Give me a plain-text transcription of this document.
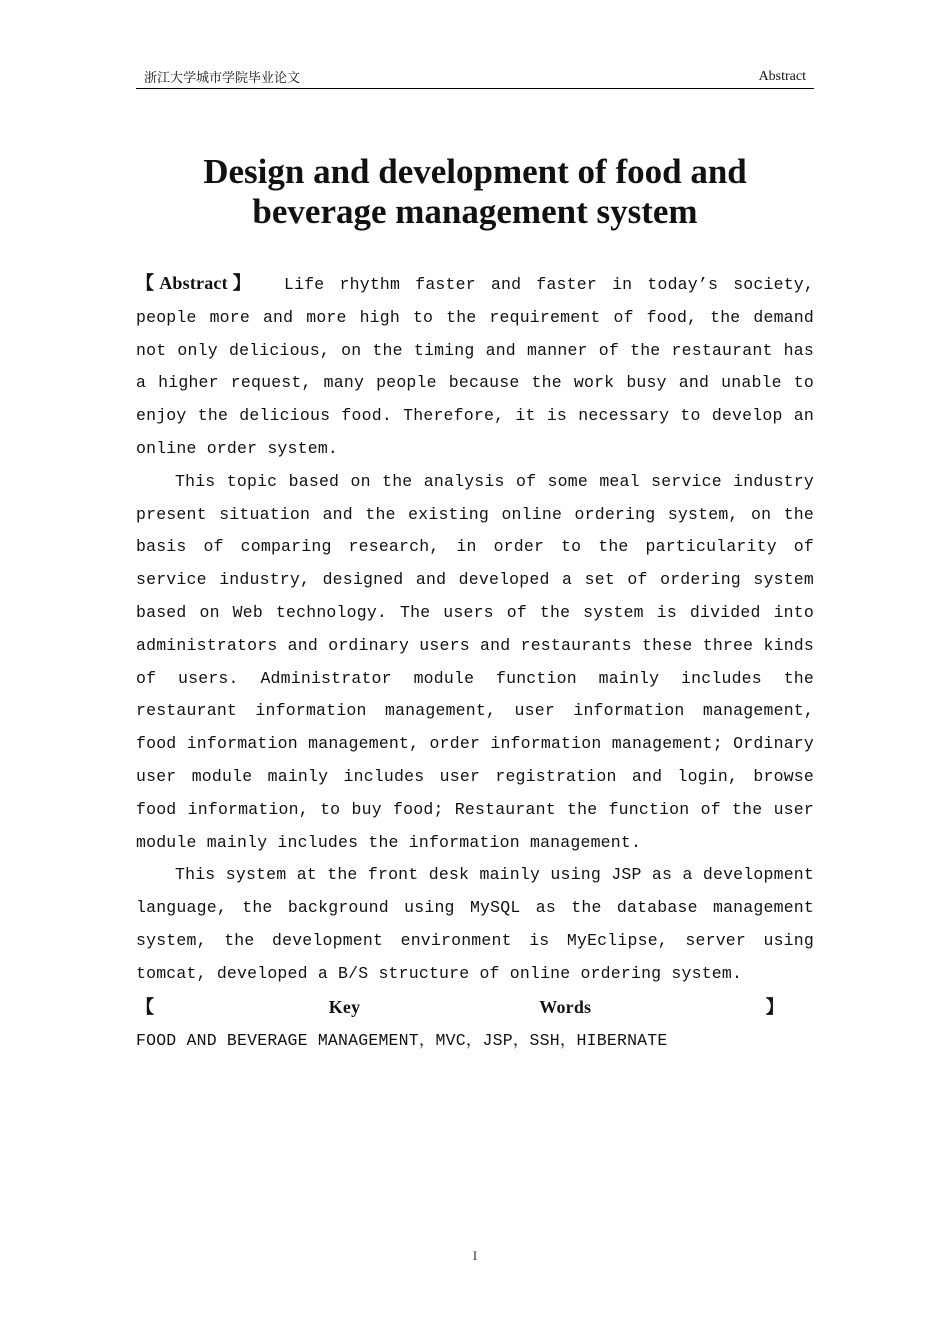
浙江大学城市学院毕业论文	Abstract
Design and development of food and
beverage management system

【Abstract】 Life rhythm faster and faster in today’s society, people more and more high to the requirement of food, the demand not only delicious, on the timing and manner of the restaurant has a higher request, many people because the work busy and unable to enjoy the delicious food. Therefore, it is necessary to develop an online order system.

This topic based on the analysis of some meal service industry present situation and the existing online ordering system, on the basis of comparing research, in order to the particularity of service industry, designed and developed a set of ordering system based on Web technology. The users of the system is divided into administrators and ordinary users and restaurants these three kinds of users. Administrator module function mainly includes the restaurant information management, user information management, food information management, order information management; Ordinary user module mainly includes user registration and login, browse food information, to buy food; Restaurant the function of the user module mainly includes the information management.

This system at the front desk mainly using JSP as a development language, the background using MySQL as the database management system, the development environment is MyEclipse, server using tomcat, developed a B/S structure of online ordering system.

【Key Words】FOOD AND BEVERAGE MANAGEMENT，MVC，JSP，SSH，HIBERNATE

I
